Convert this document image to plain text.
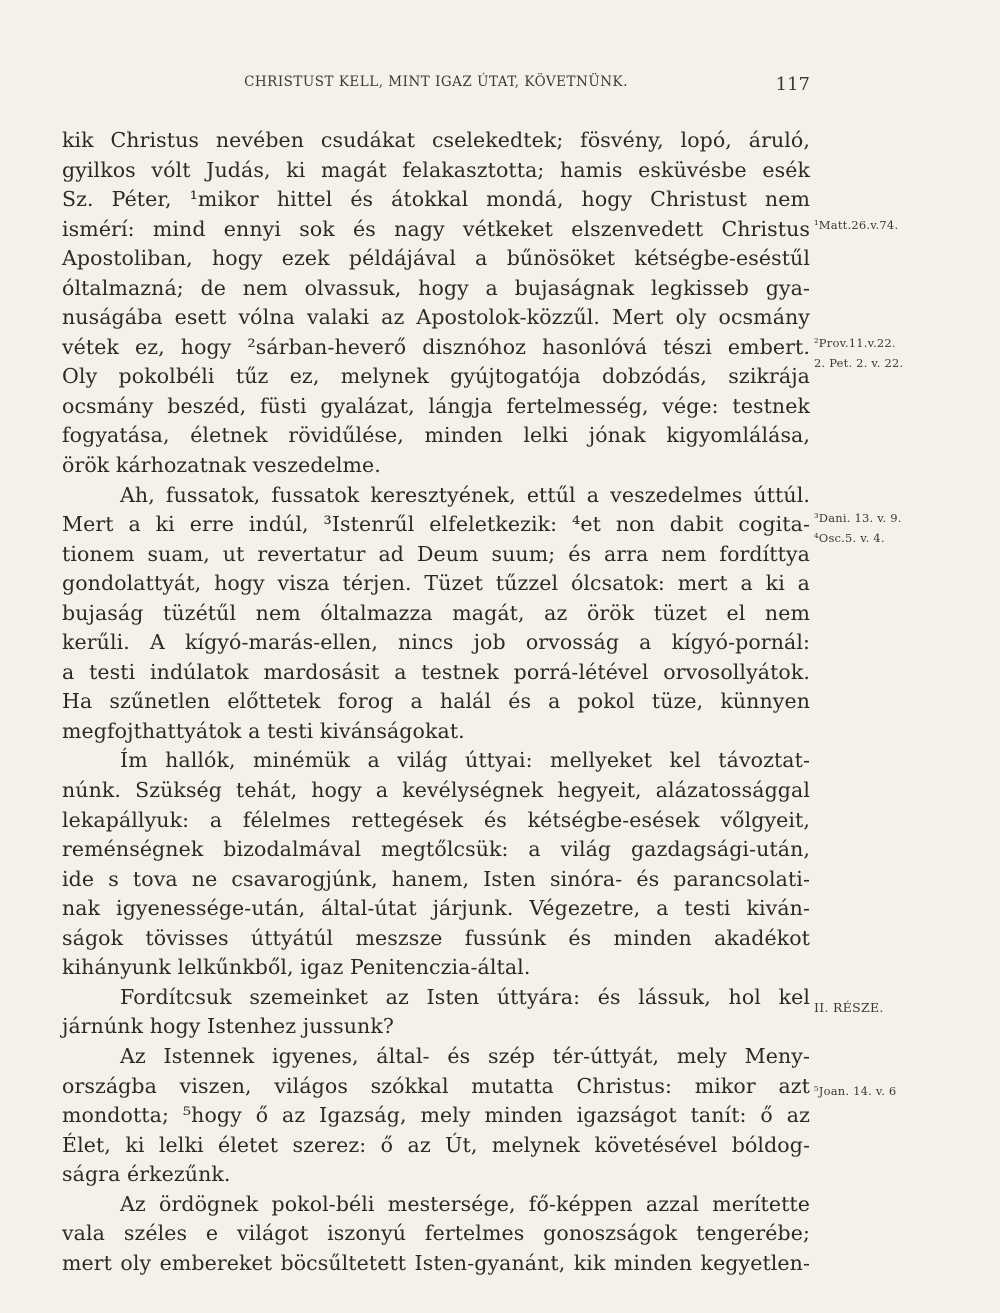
CHRISTUST KELL, MINT IGAZ ÚTAT, KÖVETNÜNK.	117
kik Christus nevében csudákat cselekedtek; fösvény, lopó, áruló,
gyilkos vólt Judás, ki magát felakasztotta; hamis esküvésbe esék
Sz. Péter, ¹mikor hittel és átokkal mondá, hogy Christust nem
ismérí: mind ennyi sok és nagy vétkeket elszenvedett Christus
Apostoliban, hogy ezek példájával a bűnösöket kétségbe-eséstűl
óltalmazná; de nem olvassuk, hogy a bujaságnak legkisseb gya-
nuságába esett vólna valaki az Apostolok-közzűl. Mert oly ocsmány
vétek ez, hogy ²sárban-heverő disznóhoz hasonlóvá tészi embert.
Oly pokolbéli tűz ez, melynek gyújtogatója dobzódás, szikrája
ocsmány beszéd, füsti gyalázat, lángja fertelmesség, vége: testnek
fogyatása, életnek rövidűlése, minden lelki jónak kigyomlálása,
örök kárhozatnak veszedelme.
Ah, fussatok, fussatok keresztyének, ettűl a veszedelmes úttúl.
Mert a ki erre indúl, ³Istenrűl elfeletkezik: ⁴et non dabit cogita-
tionem suam, ut revertatur ad Deum suum; és arra nem fordíttya
gondolattyát, hogy visza térjen. Tüzet tűzzel ólcsatok: mert a ki a
bujaság tüzétűl nem óltalmazza magát, az örök tüzet el nem
kerűli. A kígyó-marás-ellen, nincs job orvosság a kígyó-pornál:
a testi indúlatok mardosásit a testnek porrá-létével orvosollyátok.
Ha szűnetlen előttetek forog a halál és a pokol tüze, künnyen
megfojthattyátok a testi kivánságokat.
Ím hallók, minémük a világ úttyai: mellyeket kel távoztat-
núnk. Szükség tehát, hogy a kevélységnek hegyeit, alázatossággal
lekapállyuk: a félelmes rettegések és kétségbe-esések vőlgyeit,
reménségnek bizodalmával megtőlcsük: a világ gazdagsági-után,
ide s tova ne csavarogjúnk, hanem, Isten sinóra- és parancsolati-
nak igyenessége-után, által-útat járjunk. Végezetre, a testi kiván-
ságok tövisses úttyátúl meszsze fussúnk és minden akadékot
kihányunk lelkűnkből, igaz Penitenczia-által.
Fordítcsuk szemeinket az Isten úttyára: és lássuk, hol kel
járnúnk hogy Istenhez jussunk?
Az Istennek igyenes, által- és szép tér-úttyát, mely Meny-
országba viszen, világos szókkal mutatta Christus: mikor azt
mondotta; ⁵hogy ő az Igazság, mely minden igazságot tanít: ő az
Élet, ki lelki életet szerez: ő az Út, melynek követésével bóldog-
ságra érkezűnk.
Az ördögnek pokol-béli mestersége, fő-képpen azzal merítette
vala széles e világot iszonyú fertelmes gonoszságok tengerébe;
mert oly embereket böcsűltetett Isten-gyanánt, kik minden kegyetlen-
¹Matt.26.v.74.
²Prov.11.v.22.
2. Pet. 2. v. 22.
³Dani. 13. v. 9.
⁴Osc.5. v. 4.
II. RÉSZE.
⁵Joan. 14. v. 6
